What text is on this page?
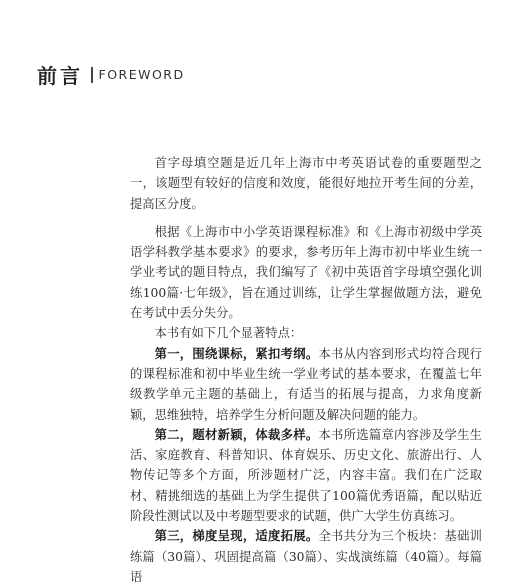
前言 FOREWORD

首字母填空题是近几年上海市中考英语试卷的重要题型之一，该题型有较好的信度和效度，能很好地拉开考生间的分差，提高区分度。

根据《上海市中小学英语课程标准》和《上海市初级中学英语学科教学基本要求》的要求，参考历年上海市初中毕业生统一学业考试的题目特点，我们编写了《初中英语首字母填空强化训练100篇·七年级》，旨在通过训练，让学生掌握做题方法，避免在考试中丢分失分。

本书有如下几个显著特点：

第一，围绕课标，紧扣考纲。本书从内容到形式均符合现行的课程标准和初中毕业生统一学业考试的基本要求，在覆盖七年级教学单元主题的基础上，有适当的拓展与提高，力求角度新颖，思维独特，培养学生分析问题及解决问题的能力。

第二，题材新颖，体裁多样。本书所选篇章内容涉及学生生活、家庭教育、科普知识、体育娱乐、历史文化、旅游出行、人物传记等多个方面，所涉题材广泛，内容丰富。我们在广泛取材、精挑细选的基础上为学生提供了100篇优秀语篇，配以贴近阶段性测试以及中考题型要求的试题，供广大学生仿真练习。

第三，梯度呈现，适度拓展。全书共分为三个板块：基础训练篇（30篇）、巩固提高篇（30篇）、实战演练篇（40篇）。每篇语
